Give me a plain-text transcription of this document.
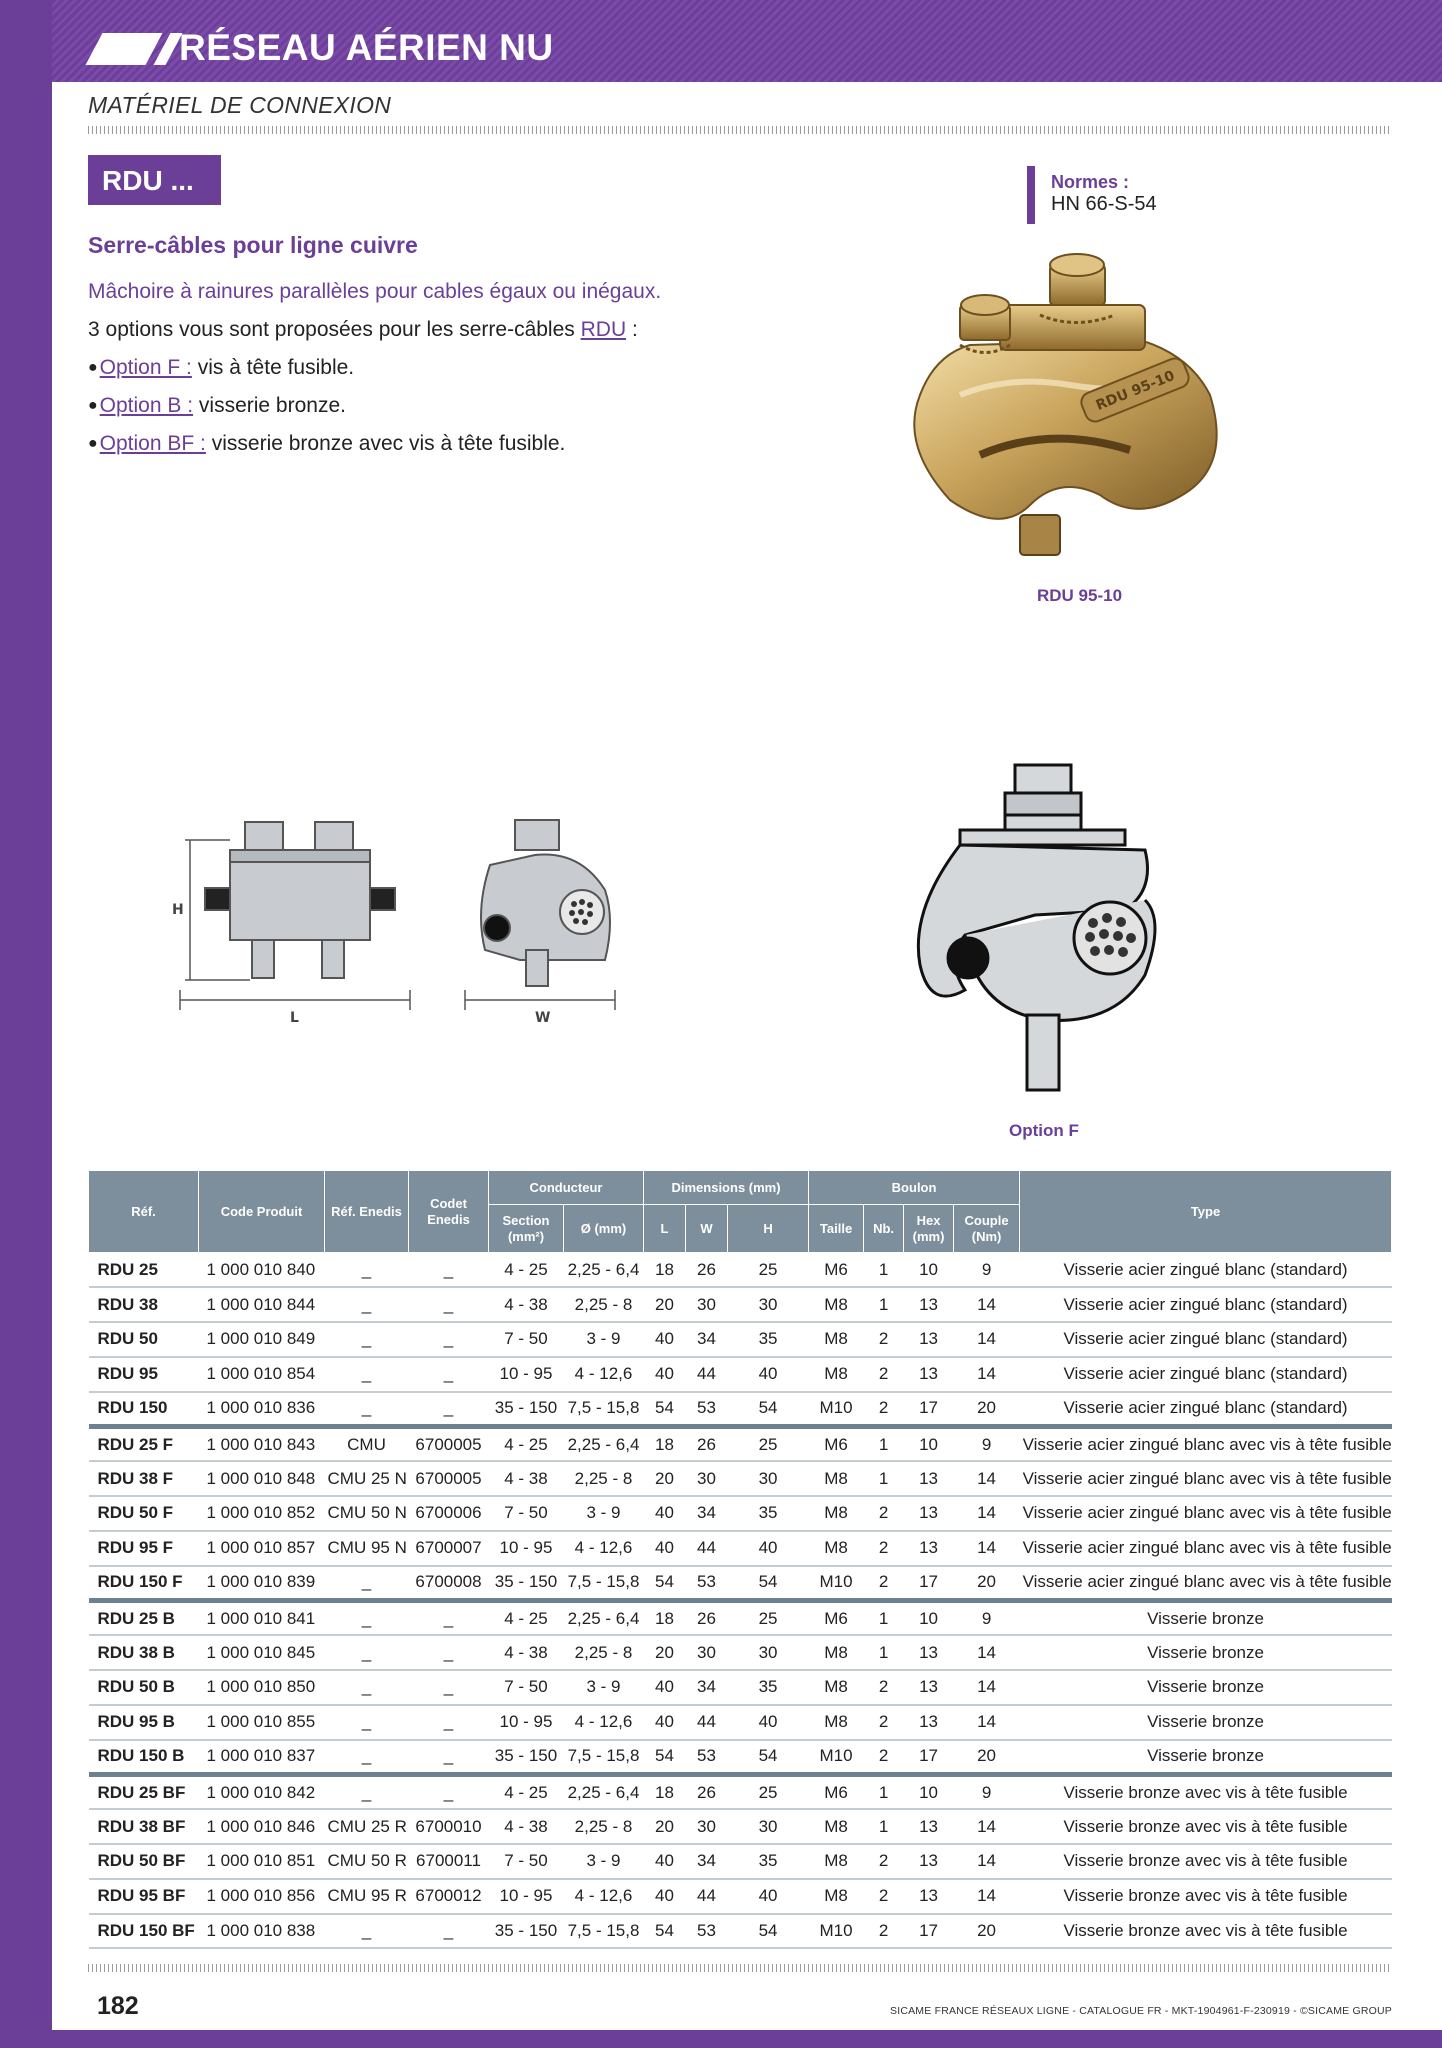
RÉSEAU AÉRIEN NU
MATÉRIEL DE CONNEXION
RDU ...	Normes :
HN 66-S-54
Serre-câbles pour ligne cuivre

Mâchoire à rainures parallèles pour cables égaux ou inégaux.

3 options vous sont proposées pour les serre-câbles RDU :

●Option F : vis à tête fusible.

●Option B : visserie bronze.

●Option BF : visserie bronze avec vis à tête fusible.

RDU 95-10
RDU 95-10
H
L	W
Option F
Réf.	Code Produit	Réf. Enedis	Codet Enedis	Conducteur		Dimensions (mm)			Boulon				Type
				Section (mm²)	Ø (mm)	L	W	H	Taille	Nb.	Hex (mm)	Couple (Nm)	
RDU 25	1 000 010 840	_	_	4 - 25	2,25 - 6,4	18	26	25	M6	1	10	9	Visserie acier zingué blanc (standard)
RDU 38	1 000 010 844	_	_	4 - 38	2,25 - 8	20	30	30	M8	1	13	14	Visserie acier zingué blanc (standard)
RDU 50	1 000 010 849	_	_	7 - 50	3 - 9	40	34	35	M8	2	13	14	Visserie acier zingué blanc (standard)
RDU 95	1 000 010 854	_	_	10 - 95	4 - 12,6	40	44	40	M8	2	13	14	Visserie acier zingué blanc (standard)
RDU 150	1 000 010 836	_	_	35 - 150	7,5 - 15,8	54	53	54	M10	2	17	20	Visserie acier zingué blanc (standard)
RDU 25 F	1 000 010 843	CMU	6700005	4 - 25	2,25 - 6,4	18	26	25	M6	1	10	9	Visserie acier zingué blanc avec vis à tête fusible
RDU 38 F	1 000 010 848	CMU 25 N	6700005	4 - 38	2,25 - 8	20	30	30	M8	1	13	14	Visserie acier zingué blanc avec vis à tête fusible
RDU 50 F	1 000 010 852	CMU 50 N	6700006	7 - 50	3 - 9	40	34	35	M8	2	13	14	Visserie acier zingué blanc avec vis à tête fusible
RDU 95 F	1 000 010 857	CMU 95 N	6700007	10 - 95	4 - 12,6	40	44	40	M8	2	13	14	Visserie acier zingué blanc avec vis à tête fusible
RDU 150 F	1 000 010 839	_	6700008	35 - 150	7,5 - 15,8	54	53	54	M10	2	17	20	Visserie acier zingué blanc avec vis à tête fusible
RDU 25 B	1 000 010 841	_	_	4 - 25	2,25 - 6,4	18	26	25	M6	1	10	9	Visserie bronze
RDU 38 B	1 000 010 845	_	_	4 - 38	2,25 - 8	20	30	30	M8	1	13	14	Visserie bronze
RDU 50 B	1 000 010 850	_	_	7 - 50	3 - 9	40	34	35	M8	2	13	14	Visserie bronze
RDU 95 B	1 000 010 855	_	_	10 - 95	4 - 12,6	40	44	40	M8	2	13	14	Visserie bronze
RDU 150 B	1 000 010 837	_	_	35 - 150	7,5 - 15,8	54	53	54	M10	2	17	20	Visserie bronze
RDU 25 BF	1 000 010 842	_	_	4 - 25	2,25 - 6,4	18	26	25	M6	1	10	9	Visserie bronze avec vis à tête fusible
RDU 38 BF	1 000 010 846	CMU 25 R	6700010	4 - 38	2,25 - 8	20	30	30	M8	1	13	14	Visserie bronze avec vis à tête fusible
RDU 50 BF	1 000 010 851	CMU 50 R	6700011	7 - 50	3 - 9	40	34	35	M8	2	13	14	Visserie bronze avec vis à tête fusible
RDU 95 BF	1 000 010 856	CMU 95 R	6700012	10 - 95	4 - 12,6	40	44	40	M8	2	13	14	Visserie bronze avec vis à tête fusible
RDU 150 BF	1 000 010 838	_	_	35 - 150	7,5 - 15,8	54	53	54	M10	2	17	20	Visserie bronze avec vis à tête fusible
182	SICAME FRANCE RÉSEAUX LIGNE - CATALOGUE FR - MKT-1904961-F-230919 - ©SICAME GROUP
